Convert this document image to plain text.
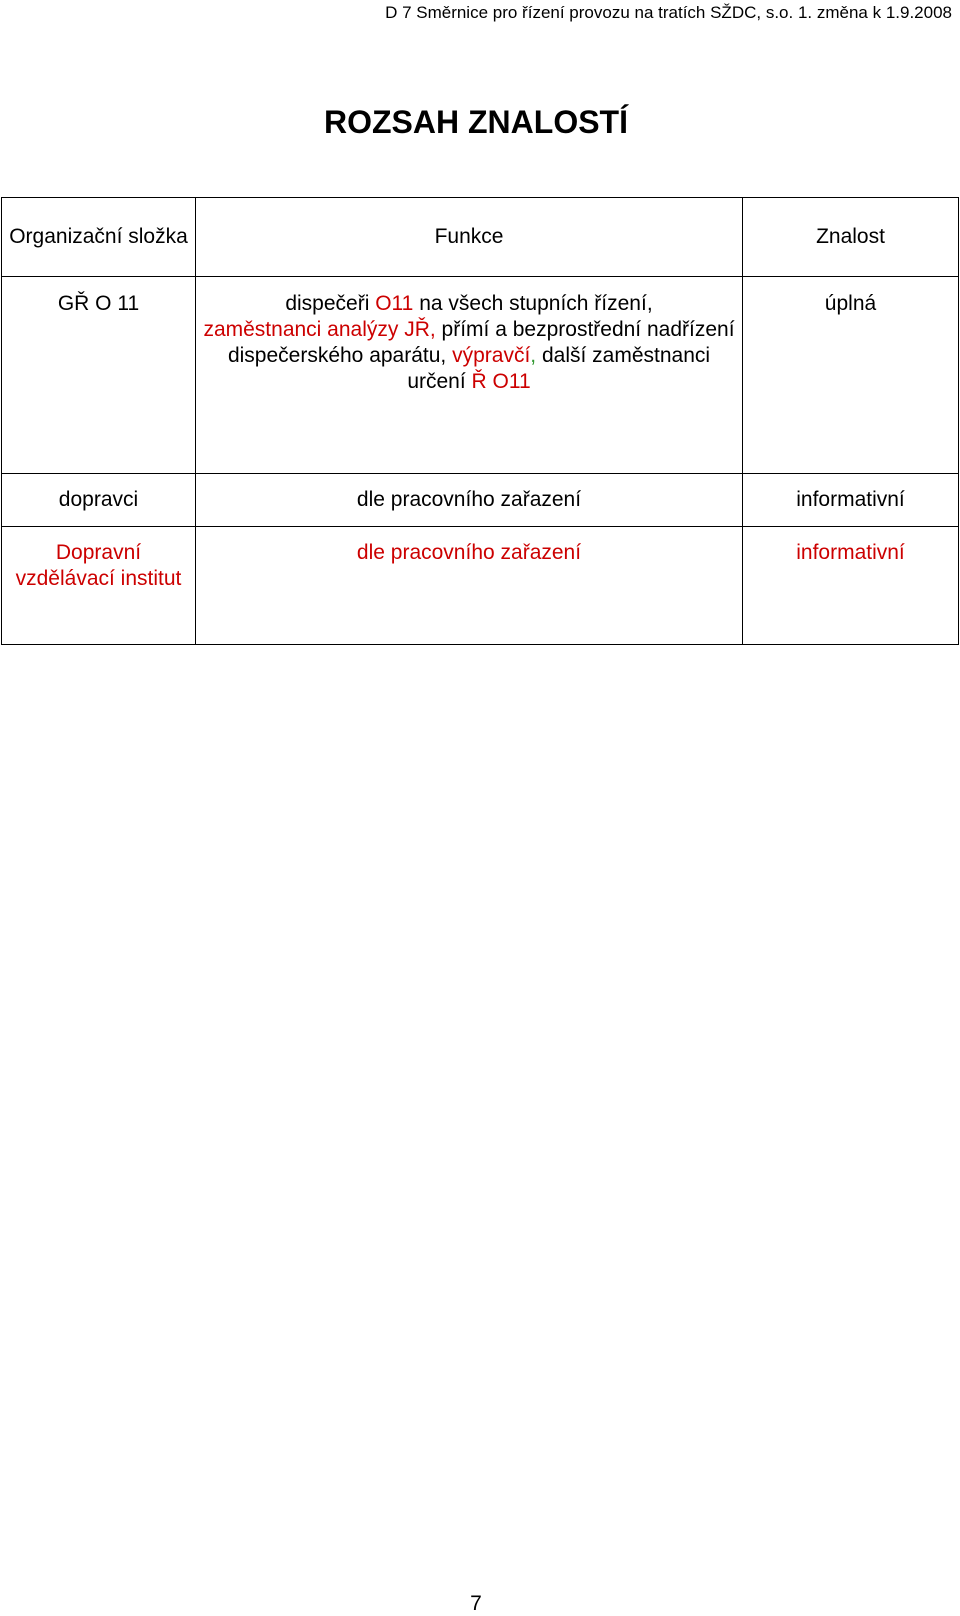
D 7 Směrnice pro řízení provozu na tratích SŽDC, s.o. 1. změna k 1.9.2008
ROZSAH ZNALOSTÍ
Organizační složka	Funkce	Znalost
GŘ O 11	dispečeři O11 na všech stupních řízení,
zaměstnanci analýzy JŘ, přímí a bezprostřední nadřízení dispečerského aparátu, výpravčí, další zaměstnanci určení Ř O11	úplná
dopravci	dle pracovního zařazení	informativní
Dopravní vzdělávací institut	dle pracovního zařazení	informativní
7
